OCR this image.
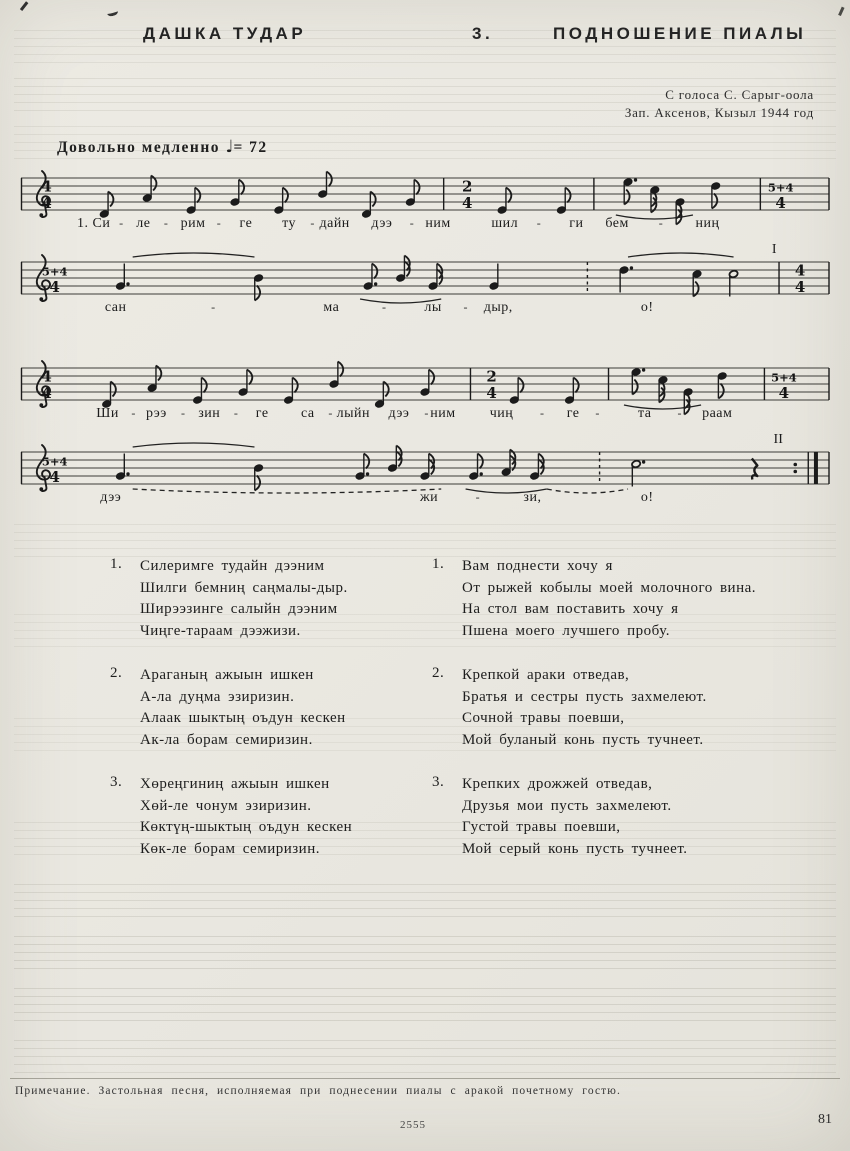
ДАШКА ТУДАР	3.	ПОДНОШЕНИЕ ПИАЛЫ
С голоса С. Сарыг-оола
Зап. Аксенов, Кызыл 1944 год
Довольно медленно ♩= 72
4
4
2
4
5+4
4
1. Си - ле - рим - ге ту - дайн дээ - ним	шил - ги бем - ниң
5+4
4
4
4
I
сан	-	ма	-	лы - дыр,	о!
4
4
2
4
5+4
4
Ши - рээ - зин - ге са - лыйн дээ - ним чиң - ге -	та - раам
5+4
4
II
дээ	жи	-	зи,	о!
1.	Силеримге тудайн дээним
Шилги бемниң саңмалы-дыр.
Ширээзинге салыйн дээним
Чиңге-тараам дээжизи.
2.	Араганың ажыын ишкен
А-ла дуңма эзиризин.
Алаак шыктың оъдун кескен
Ак-ла борам семиризин.
3.	Хөреңгиниң ажыын ишкен
Хөй-ле чонум эзиризин.
Көктүң-шыктың оъдун кескен
Көк-ле борам семиризин.
1.	Вам поднести хочу я
От рыжей кобылы моей молочного вина.
На стол вам поставить хочу я
Пшена моего лучшего пробу.
2.	Крепкой араки отведав,
Братья и сестры пусть захмелеют.
Сочной травы поевши,
Мой буланый конь пусть тучнеет.
3.	Крепких дрожжей отведав,
Друзья мои пусть захмелеют.
Густой травы поевши,
Мой серый конь пусть тучнеет.
Примечание. Застольная песня, исполняемая при поднесении пиалы с аракой почетному гостю.
2555	81
